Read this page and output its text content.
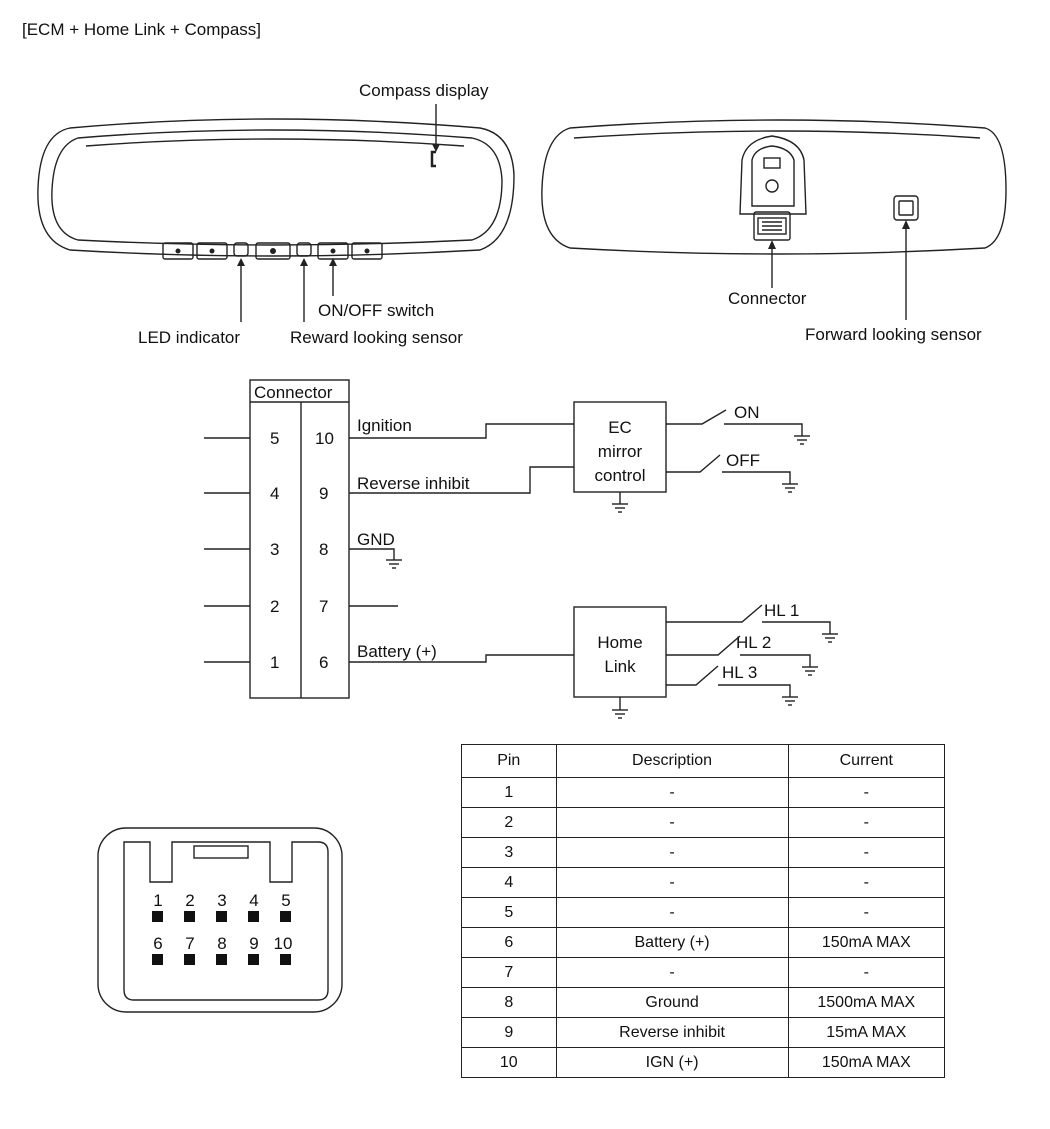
[ECM + Home Link + Compass]
Compass display
LED indicator	Reward looking sensor
ON/OFF switch
Connector
Forward looking sensor
Connector
5
4
3
2
1
10
9
8
7
6
Ignition
Reverse inhibit
GND
Battery (+)
EC
mirror
control
ON
OFF
Home
Link
HL 1
HL 2
HL 3
1 2 3 4 5
6 7 8 9 10
Pin	Description	Current
1	-	-
2	-	-
3	-	-
4	-	-
5	-	-
6	Battery (+)	150mA MAX
7	-	-
8	Ground	1500mA MAX
9	Reverse inhibit	15mA MAX
10	IGN (+)	150mA MAX
C
